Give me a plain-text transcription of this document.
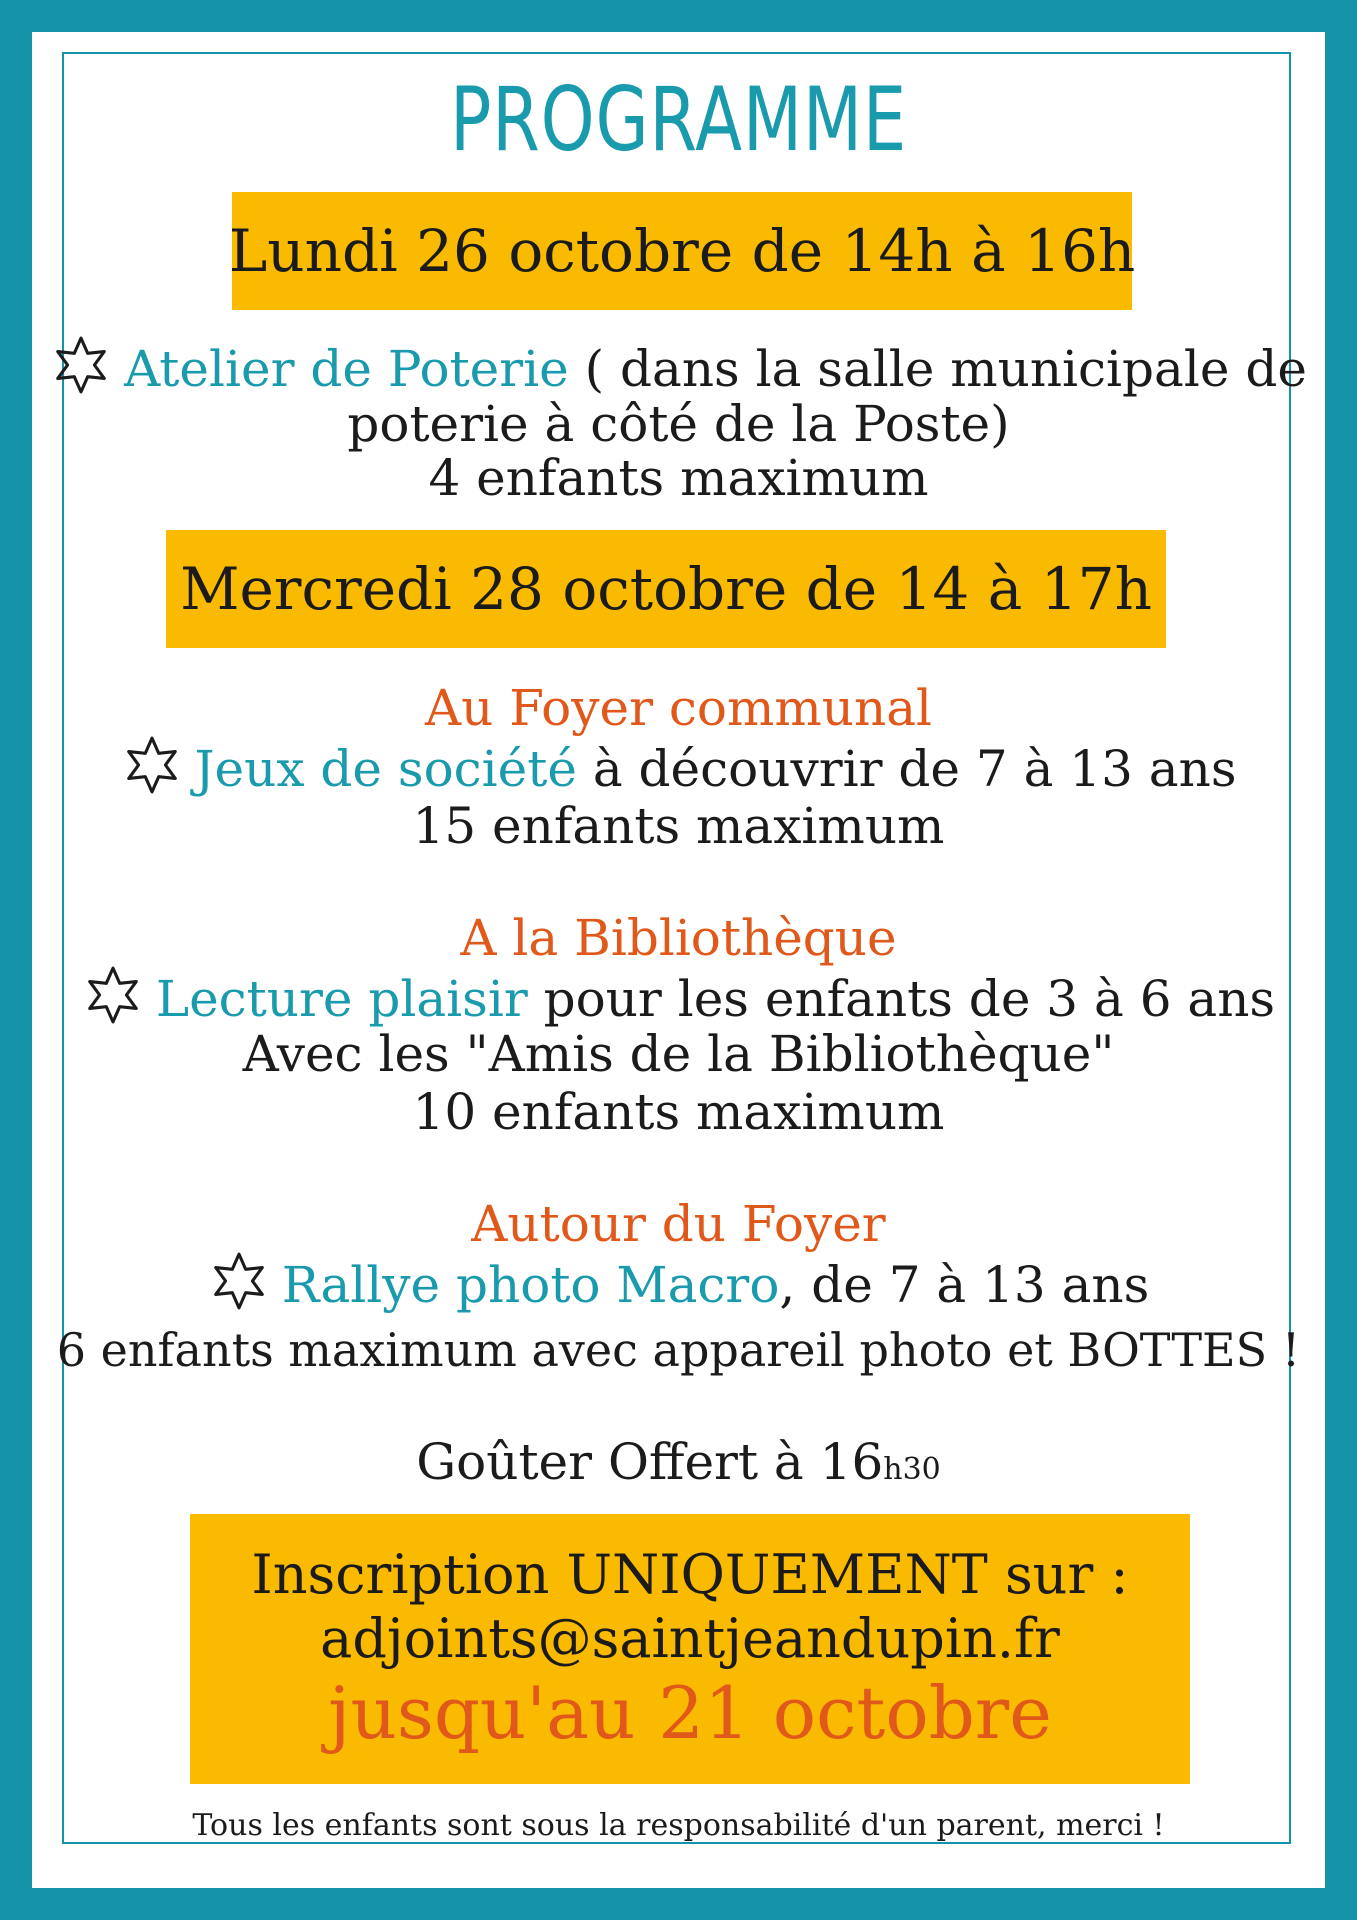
PROGRAMME
Lundi 26 octobre de 14h à 16h
Atelier de Poterie ( dans la salle municipale de
poterie à côté de la Poste)
4 enfants maximum
Mercredi 28 octobre de 14 à 17h
Au Foyer communal
Jeux de société à découvrir de 7 à 13 ans
15 enfants maximum
A la Bibliothèque
Lecture plaisir pour les enfants de 3 à 6 ans
Avec les "Amis de la Bibliothèque"
10 enfants maximum
Autour du Foyer
Rallye photo Macro, de 7 à 13 ans
6 enfants maximum avec appareil photo et BOTTES !
Goûter Offert à 16h30
Inscription UNIQUEMENT sur :
adjoints@saintjeandupin.fr
jusqu'au 21 octobre
Tous les enfants sont sous la responsabilité d'un parent, merci !
